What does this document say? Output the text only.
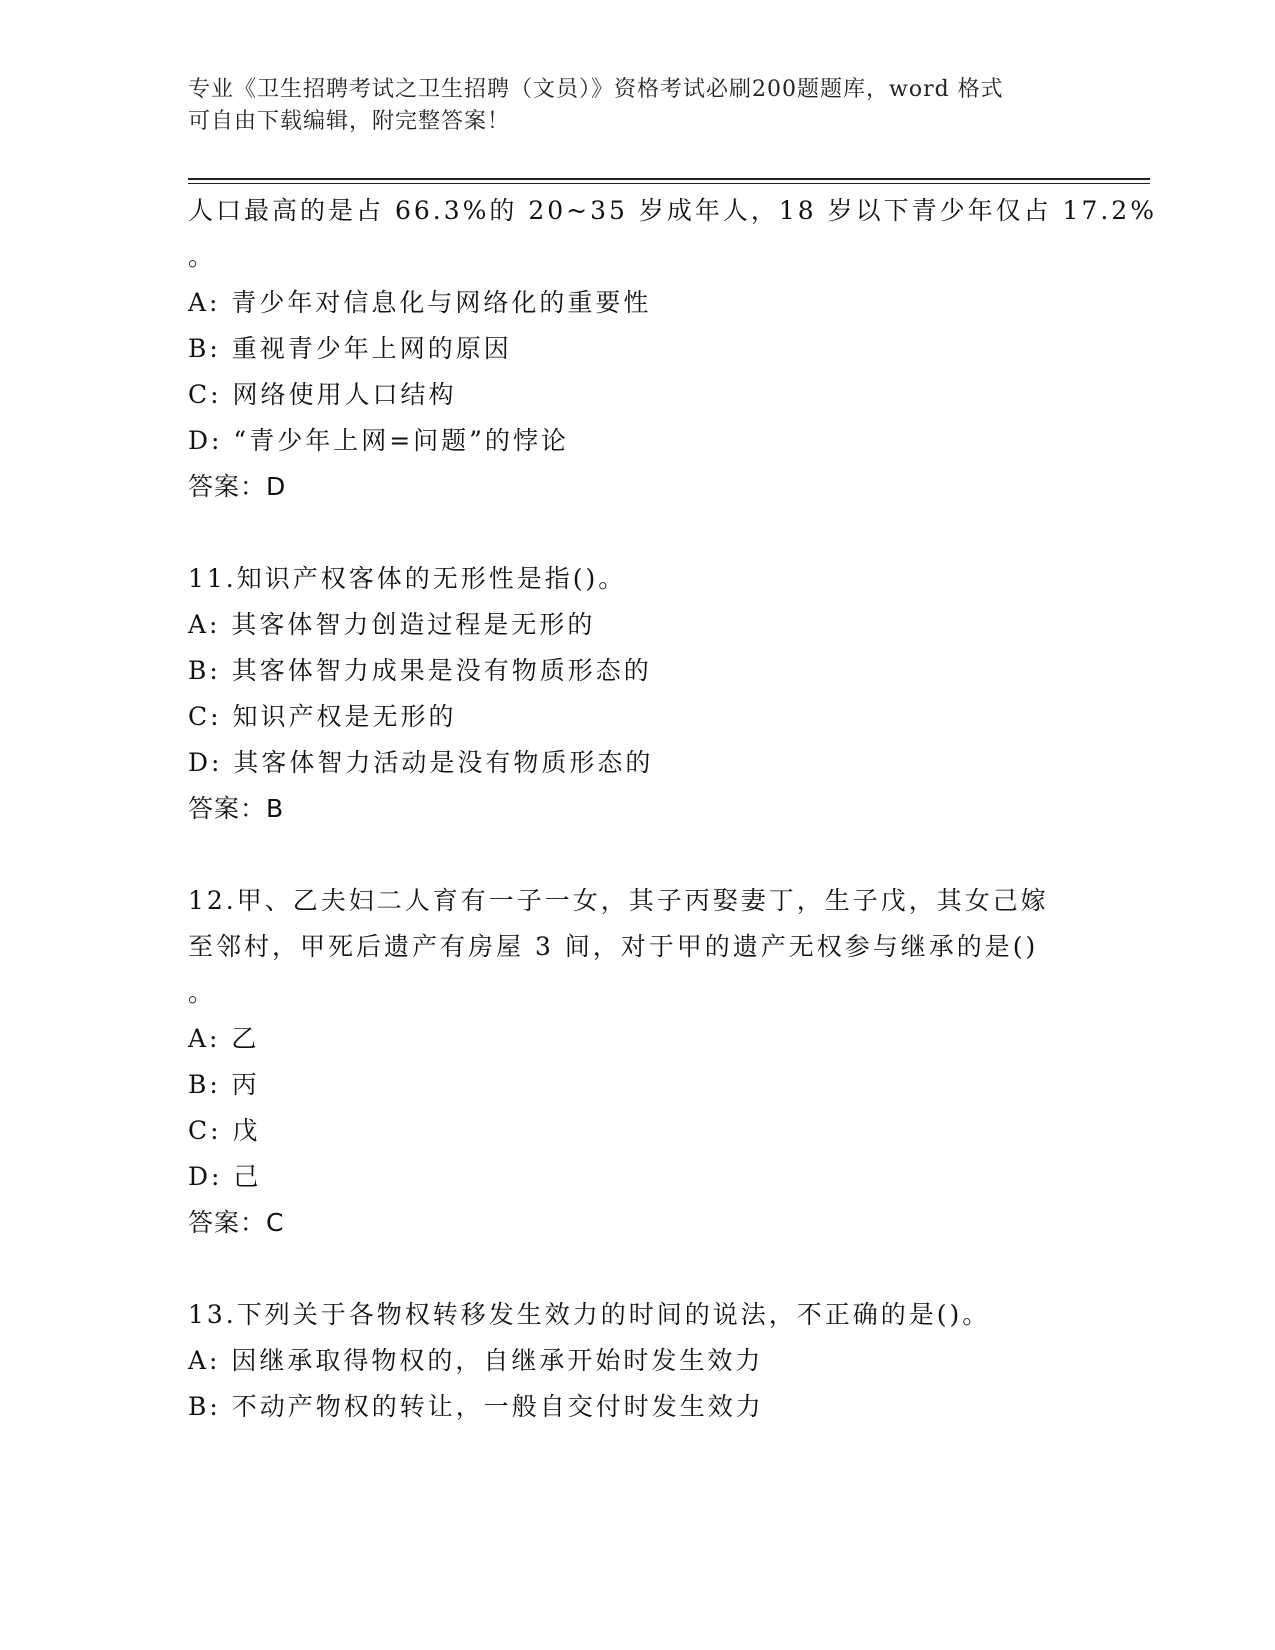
专业《卫生招聘考试之卫生招聘（文员）》资格考试必刷200题题库，word 格式
可自由下载编辑，附完整答案！
人口最高的是占 66.3%的 20~35 岁成年人，18 岁以下青少年仅占 17.2%
。
A: 青少年对信息化与网络化的重要性
B: 重视青少年上网的原因
C: 网络使用人口结构
D: “青少年上网=问题”的悖论
答案：D
11.知识产权客体的无形性是指()。
A: 其客体智力创造过程是无形的
B: 其客体智力成果是没有物质形态的
C: 知识产权是无形的
D: 其客体智力活动是没有物质形态的
答案：B
12.甲、乙夫妇二人育有一子一女，其子丙娶妻丁，生子戊，其女己嫁
至邻村，甲死后遗产有房屋 3 间，对于甲的遗产无权参与继承的是()
。
A: 乙
B: 丙
C: 戊
D: 己
答案：C
13.下列关于各物权转移发生效力的时间的说法，不正确的是()。
A: 因继承取得物权的，自继承开始时发生效力
B: 不动产物权的转让，一般自交付时发生效力
